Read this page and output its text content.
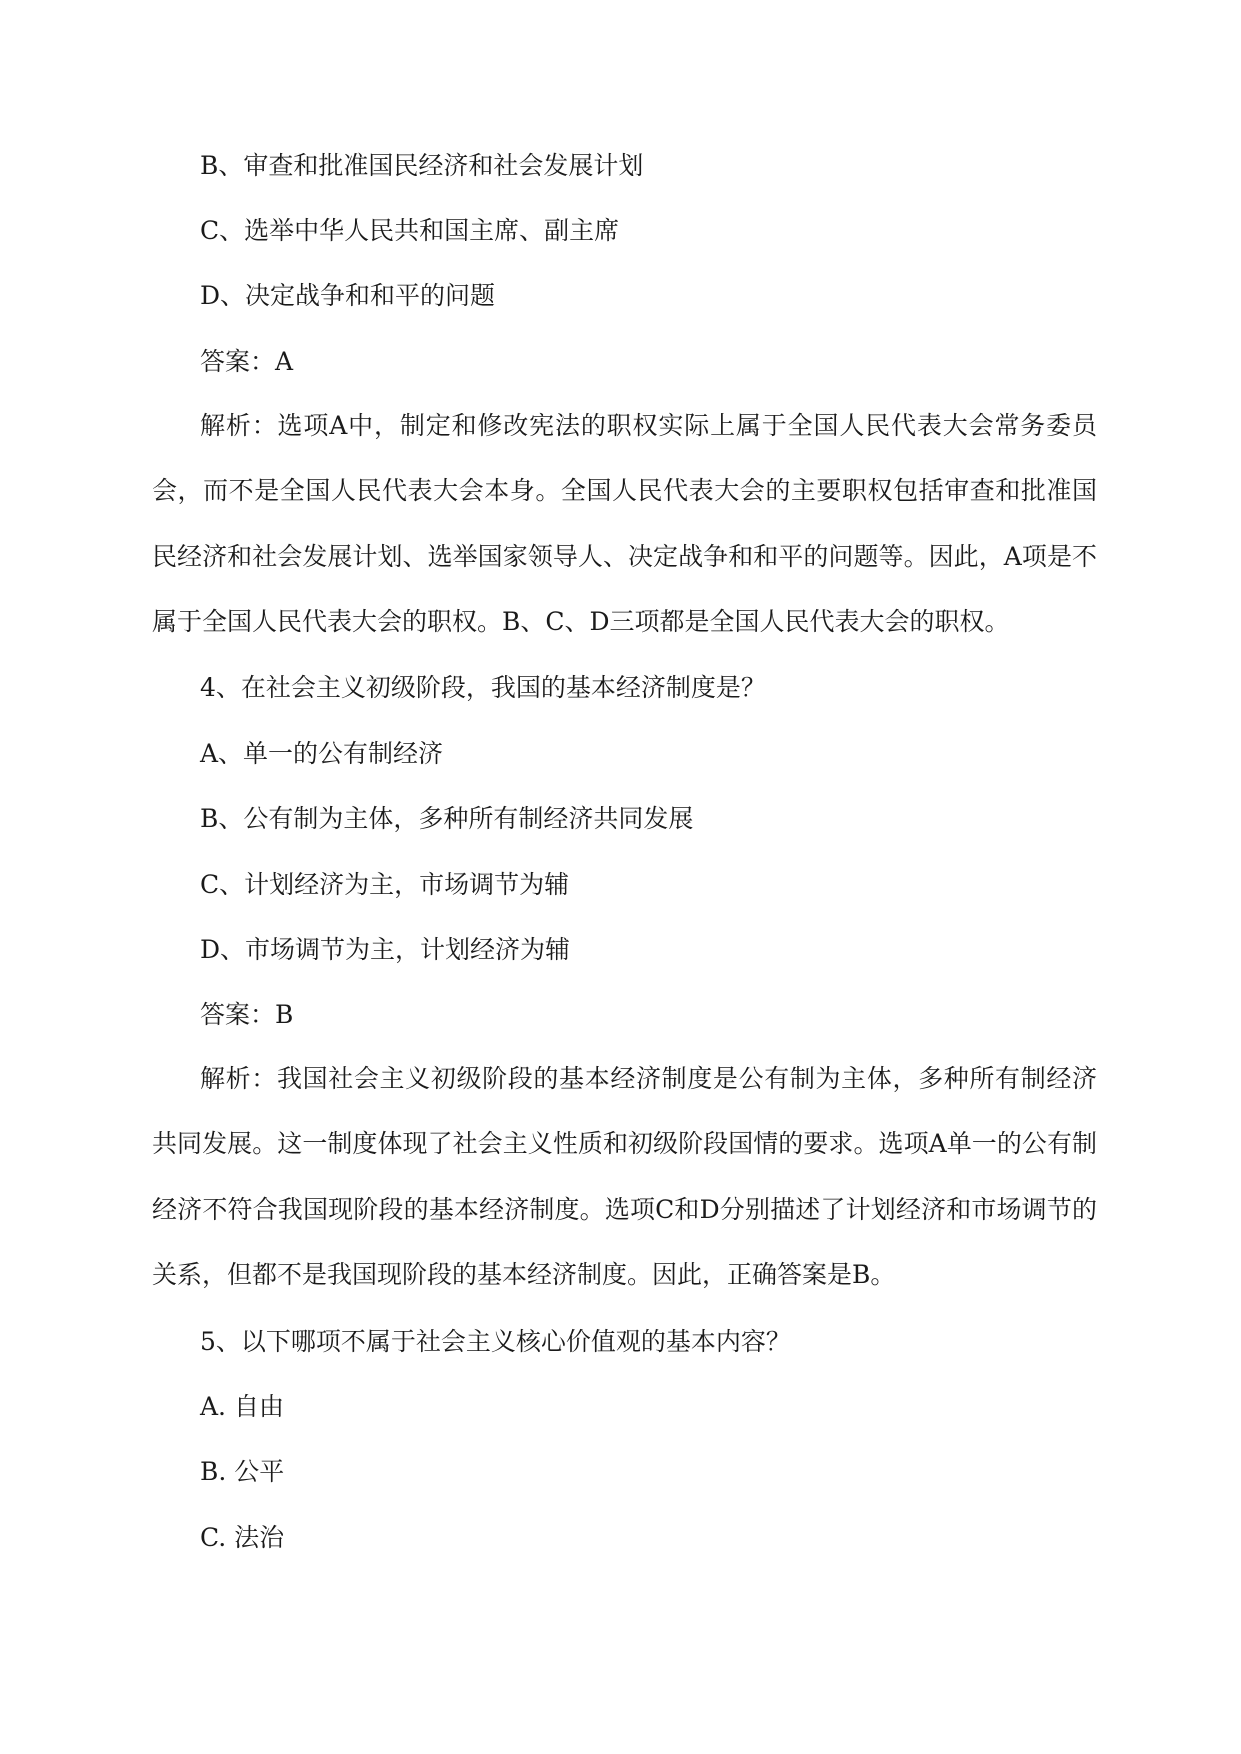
B、审查和批准国民经济和社会发展计划
C、选举中华人民共和国主席、副主席
D、决定战争和和平的问题
答案：A
解析：选项A中，制定和修改宪法的职权实际上属于全国人民代表大会常务委员会，而不是全国人民代表大会本身。全国人民代表大会的主要职权包括审查和批准国民经济和社会发展计划、选举国家领导人、决定战争和和平的问题等。因此，A项是不属于全国人民代表大会的职权。B、C、D三项都是全国人民代表大会的职权。
4、在社会主义初级阶段，我国的基本经济制度是？
A、单一的公有制经济
B、公有制为主体，多种所有制经济共同发展
C、计划经济为主，市场调节为辅
D、市场调节为主，计划经济为辅
答案：B
解析：我国社会主义初级阶段的基本经济制度是公有制为主体，多种所有制经济共同发展。这一制度体现了社会主义性质和初级阶段国情的要求。选项A单一的公有制经济不符合我国现阶段的基本经济制度。选项C和D分别描述了计划经济和市场调节的关系，但都不是我国现阶段的基本经济制度。因此，正确答案是B。
5、以下哪项不属于社会主义核心价值观的基本内容？
A. 自由
B. 公平
C. 法治
